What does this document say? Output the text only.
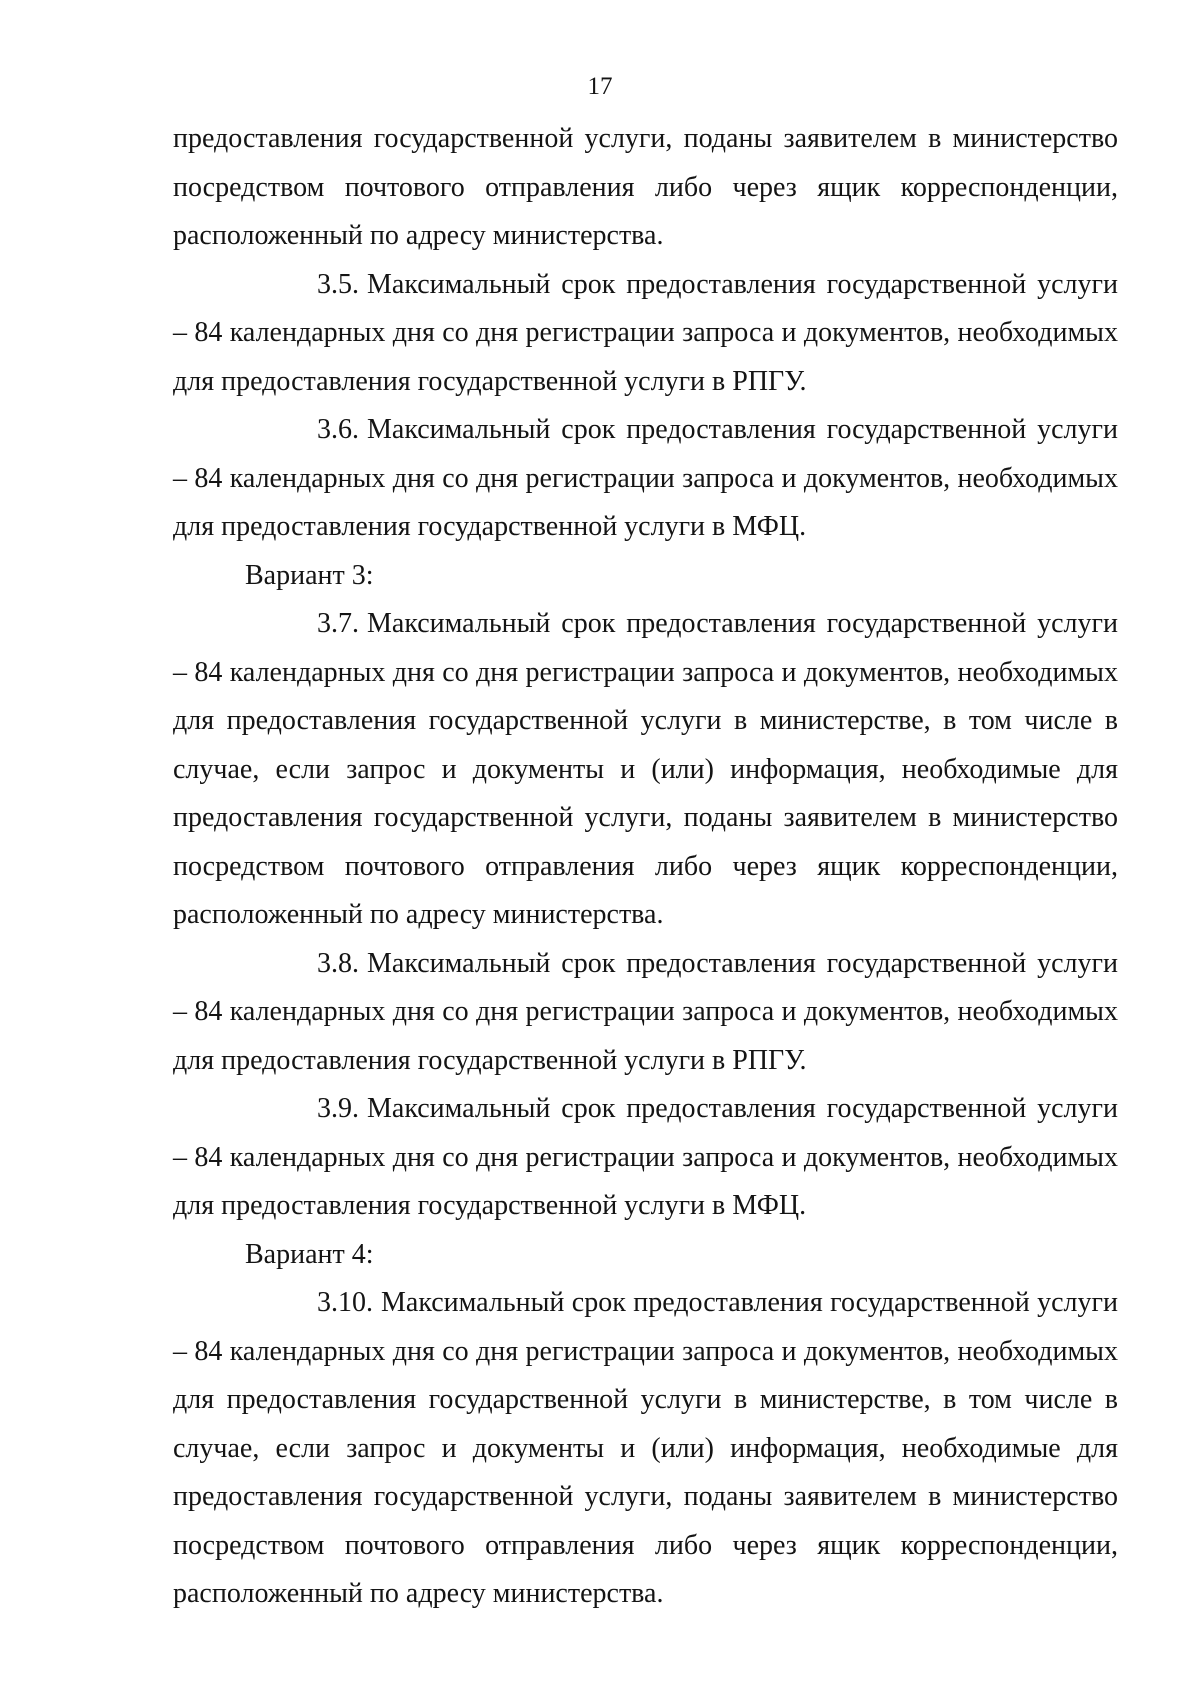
17

предоставления государственной услуги, поданы заявителем в министерство посредством почтового отправления либо через ящик корреспонденции, расположенный по адресу министерства.

3.5. Максимальный срок предоставления государственной услуги – 84 календарных дня со дня регистрации запроса и документов, необходимых для предоставления государственной услуги в РПГУ.

3.6. Максимальный срок предоставления государственной услуги – 84 календарных дня со дня регистрации запроса и документов, необходимых для предоставления государственной услуги в МФЦ.

Вариант 3:

3.7. Максимальный срок предоставления государственной услуги – 84 календарных дня со дня регистрации запроса и документов, необходимых для предоставления государственной услуги в министерстве, в том числе в случае, если запрос и документы и (или) информация, необходимые для предоставления государственной услуги, поданы заявителем в министерство посредством почтового отправления либо через ящик корреспонденции, расположенный по адресу министерства.

3.8. Максимальный срок предоставления государственной услуги – 84 календарных дня со дня регистрации запроса и документов, необходимых для предоставления государственной услуги в РПГУ.

3.9. Максимальный срок предоставления государственной услуги – 84 календарных дня со дня регистрации запроса и документов, необходимых для предоставления государственной услуги в МФЦ.

Вариант 4:

3.10. Максимальный срок предоставления государственной услуги – 84 календарных дня со дня регистрации запроса и документов, необходимых для предоставления государственной услуги в министерстве, в том числе в случае, если запрос и документы и (или) информация, необходимые для предоставления государственной услуги, поданы заявителем в министерство посредством почтового отправления либо через ящик корреспонденции, расположенный по адресу министерства.
